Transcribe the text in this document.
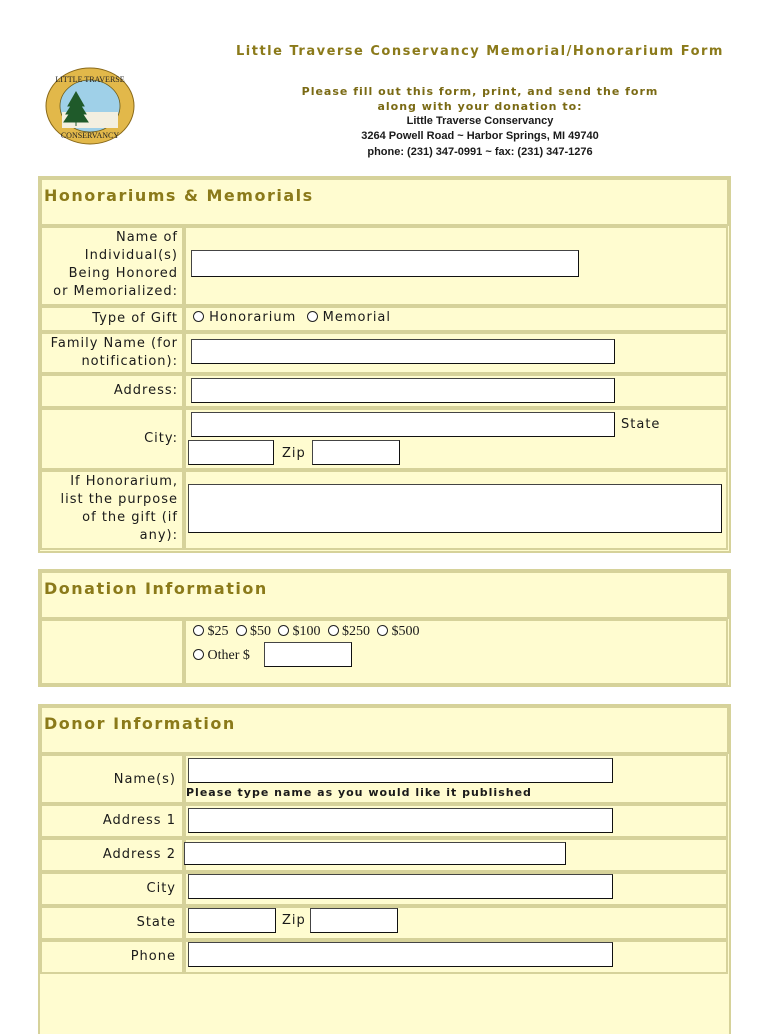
Little Traverse Conservancy Memorial/Honorarium Form
LITTLE TRAVERSE
CONSERVANCY
Please fill out this form, print, and send the form
along with your donation to:
Little Traverse Conservancy
3264 Powell Road ~ Harbor Springs, MI 49740
phone: (231) 347-0991 ~ fax: (231) 347-1276
Honorariums & Memorials
Name of
Individual(s)
Being Honored
or Memorialized:
Type of Gift	Honorarium Memorial
Family Name (for
notification):
Address:
City:
State
Zip
If Honorarium,
list the purpose
of the gift (if
any):
Donation Information
$25 $50 $100 $250 $500
Other $
Donor Information
Name(s)
Please type name as you would like it published
Address 1
Address 2
City
State	Zip
Phone
